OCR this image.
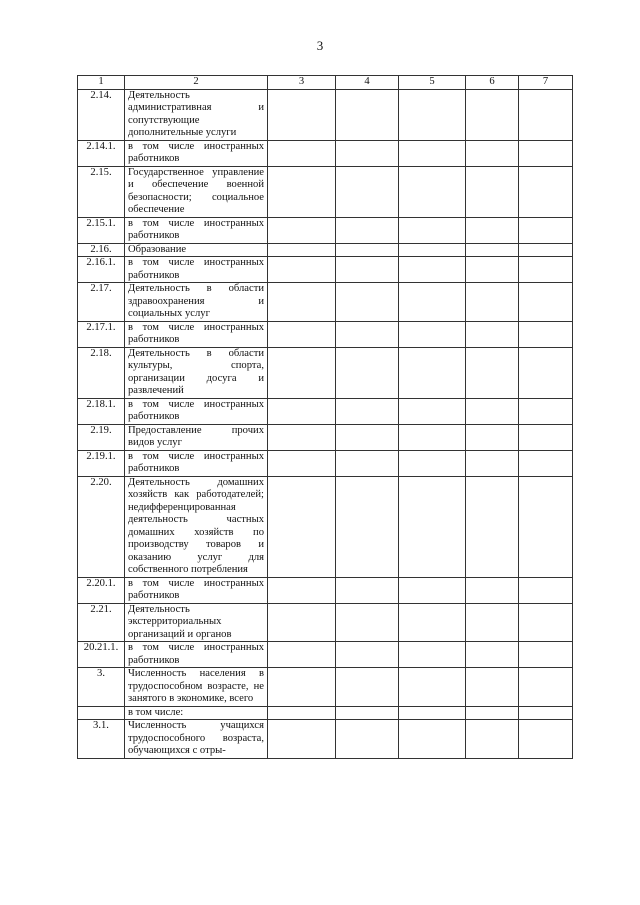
3
1	2	3	4	5	6	7
2.14.	Деятельность административная и сопутствующие дополнительные услуги					
2.14.1.	в том числе иностранных работников					
2.15.	Государственное управление и обеспечение военной безопасности; социальное обеспечение					
2.15.1.	в том числе иностранных работников					
2.16.	Образование					
2.16.1.	в том числе иностранных работников					
2.17.	Деятельность в области здравоохранения и социальных услуг					
2.17.1.	в том числе иностранных работников					
2.18.	Деятельность в области культуры, спорта, организации досуга и развлечений					
2.18.1.	в том числе иностранных работников					
2.19.	Предоставление прочих видов услуг					
2.19.1.	в том числе иностранных работников					
2.20.	Деятельность домашних хозяйств как работодателей; недифференцированная деятельность частных домашних хозяйств по производству товаров и оказанию услуг для собственного потребления					
2.20.1.	в том числе иностранных работников					
2.21.	Деятельность экстерриториальных организаций и органов					
20.21.1.	в том числе иностранных работников					
3.	Численность населения в трудоспособном возрасте, не занятого в экономике, всего					
	в том числе:					
3.1.	Численность учащихся трудоспособного возраста, обучающихся с отры-					
